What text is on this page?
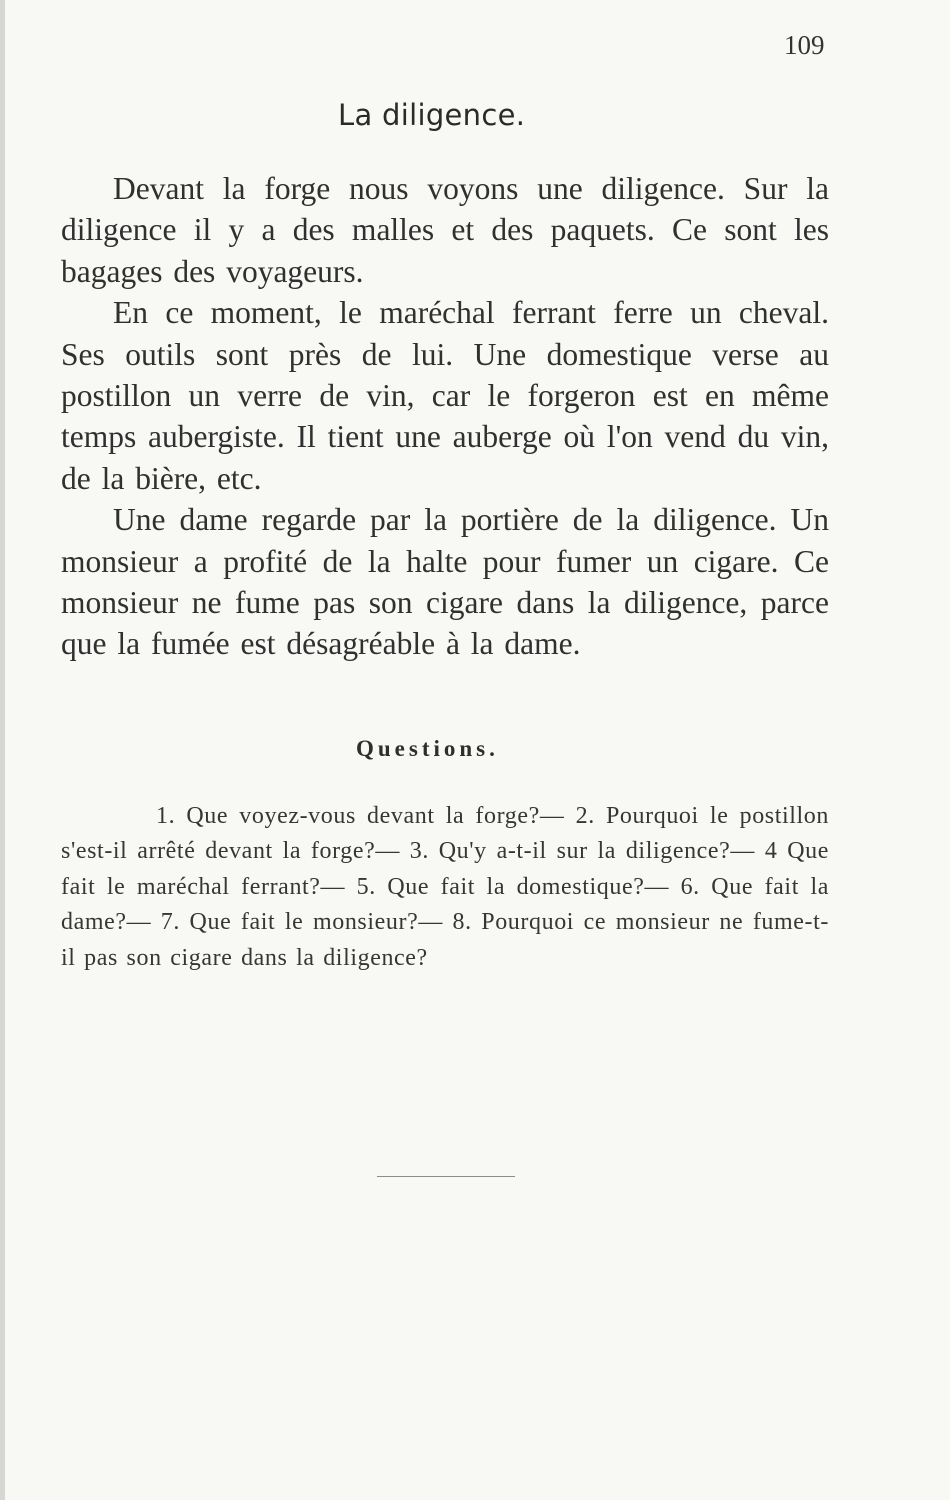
109
La diligence.

Devant la forge nous voyons une diligence. Sur la diligence il y a des malles et des paquets. Ce sont les bagages des voyageurs.

En ce moment, le maréchal ferrant ferre un cheval. Ses outils sont près de lui. Une domestique verse au postillon un verre de vin, car le forgeron est en même temps aubergiste. Il tient une auberge où l'on vend du vin, de la bière, etc.

Une dame regarde par la portière de la diligence. Un monsieur a profité de la halte pour fumer un cigare. Ce monsieur ne fume pas son cigare dans la diligence, parce que la fumée est désagréable à la dame.

Questions.

1. Que voyez-vous devant la forge?— 2. Pourquoi le postillon s'est-il arrêté devant la forge?— 3. Qu'y a-t-il sur la diligence?— 4 Que fait le maréchal ferrant?— 5. Que fait la domestique?— 6. Que fait la dame?— 7. Que fait le monsieur?— 8. Pourquoi ce monsieur ne fume-t-il pas son cigare dans la diligence?
